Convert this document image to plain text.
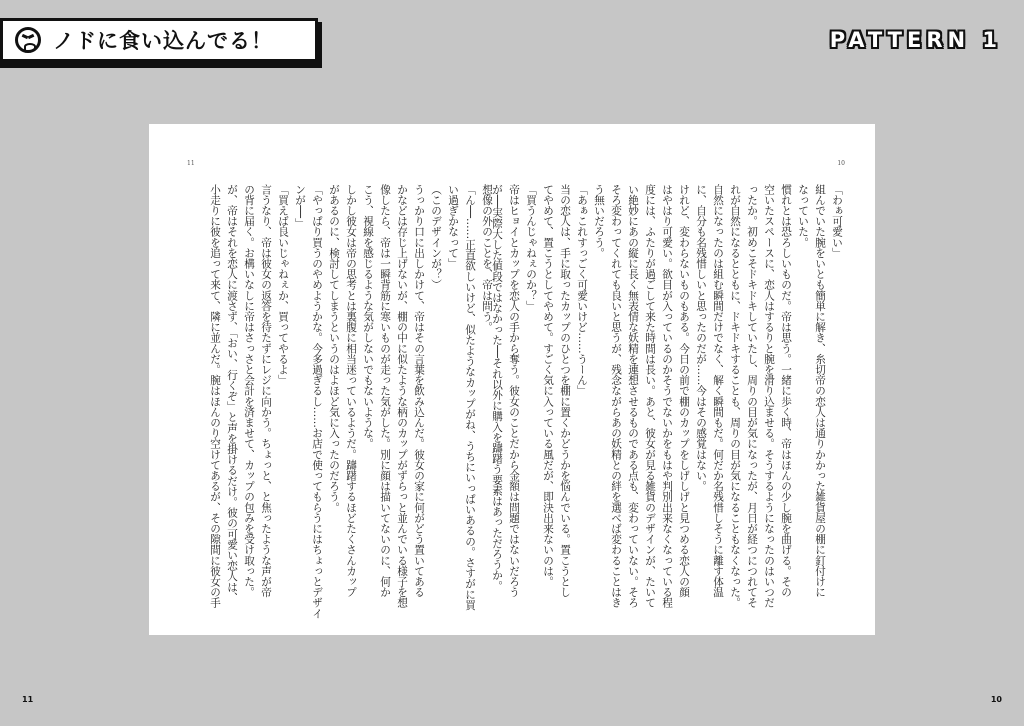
ノドに食い込んでる！	PATTERN 1
11	10

「わぁ可愛い」

組んでいた腕をいとも簡単に解き、糸切帝の恋人は通りかかった雑貨屋の棚に釘付けに

なっていた。

慣れとは恐ろしいものだ。帝は思う。一緒に歩く時、帝はほんの少し腕を曲げる。その

空いたスペースに、恋人はするりと腕を滑り込ませる。そうするようになったのはいつだ

ったか。初めこそドキドキしていたし、周りの目が気になったが、月日が経つにつれてそ

れが自然になるとともに、ドキドキすることも、周りの目が気になることもなくなった。

自然になったのは組む瞬間だけでなく、解く瞬間もだ。何だか名残惜しそうに離す体温

に、自分も名残惜しいと思ったのだが……今はその感覚はない。

けれど、変わらないものもある。今日の前で棚のカップをしげしげと見つめる恋人の顔

はやはり可愛い。欲目が入っているのかそうでないかをもはや判別出来なくなっている程

度には、ふたりが過ごして来た時間は長い。あと、彼女が見る雑貨のデザインが、たいて

い絶妙にあの縦に長く無表情な妖精を連想させるものである点も、変わっていない。そろ

そろ変わってくれても良いと思うが、残念ながらあの妖精との絆を選べば変わることはき

う無いだろう。

「あぁこれすっごく可愛いけど……うーん」

当の恋人は、手に取ったカップのひとつを棚に置くかどうかを悩んでいる。置こうとし

てやめて、置こうとしてやめて。すごく気に入っている風だが、即決出来ないのは。

「買うんじゃねぇのか？」

帝はヒョイとカップを恋人の手から奪う。彼女のことだから金額は問題ではないだろう

が──実際大した値段ではなかった──それ以外に購入を躊躇う要素はあっただろうか。

想像の外のことを、帝は問う。

「ん──……正直欲しいけど、似たようなカップがね、うちにいっぱいあるの。さすがに買

い過ぎかなって」

（このデザインが？）

うっかり口に出しかけて、帝はその言葉を飲み込んだ。彼女の家に何がどう置いてある

かなどは存じ上げないが、棚の中に似たような柄のカップがずらっと並んでいる様子を想

像したら、帝は一瞬背筋に寒いものが走った気がした。別に顔は描いてないのに、何か

こう、視線を感じるような気がしないでもないような。

しかし彼女は帝の思考とは裏腹に相当迷っているようだ。躊躇するほどたくさんカップ

があるのに、検討してしまうというのはよほど気に入ったのだろう。

「やっぱり買うのやめようかな。今多過ぎるし……お店で使ってもらうにはちょっとデザイ

ンが──」

「買えば良いじゃねぇか、買ってやるよ」

言うなり、帝は彼女の返答を待たずにレジに向かう。ちょっと、と焦ったような声が帝

の背に届く。お構いなしに帝はさっさと会計を済ませて、カップの包みを受け取った。

が、帝はそれを恋人に渡さず、「おい、行くぞ」と声を掛けるだけ。彼の可愛い恋人は、

小走りに彼を追って来て、隣に並んだ。腕はほんのり空けてあるが、その隙間に彼女の手

11	10
